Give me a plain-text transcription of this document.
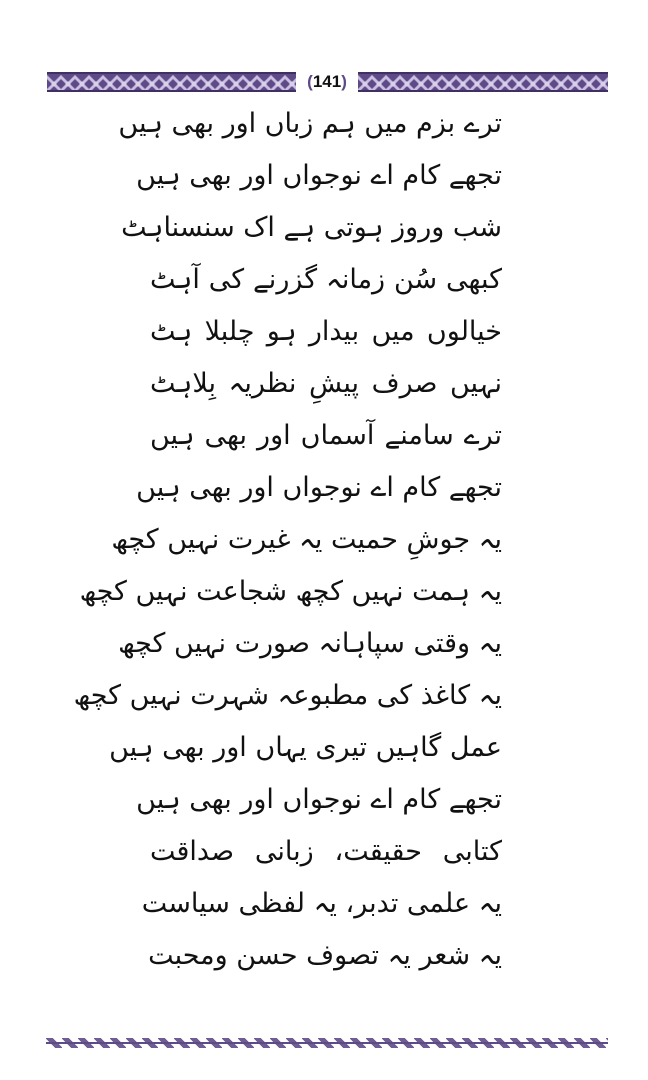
(141)
ترے بزم میں ہم زباں اور بھی ہیں
تجھے کام اے نوجواں اور بھی ہیں
شب وروز ہوتی ہے اک سنسناہٹ
کبھی سُن زمانہ گزرنے کی آہٹ
خیالوں میں بیدار ہو چلبلا ہٹ
نہیں صرف پیشِ نظریہ بِلاہٹ
ترے سامنے آسماں اور بھی ہیں
تجھے کام اے نوجواں اور بھی ہیں
یہ جوشِ حمیت یہ غیرت نہیں کچھ
یہ ہمت نہیں کچھ شجاعت نہیں کچھ
یہ وقتی سپاہانہ صورت نہیں کچھ
یہ کاغذ کی مطبوعہ شہرت نہیں کچھ
عمل گاہیں تیری یہاں اور بھی ہیں
تجھے کام اے نوجواں اور بھی ہیں
کتابی حقیقت، زبانی صداقت
یہ علمی تدبر، یہ لفظی سیاست
یہ شعر یہ تصوف حسن ومحبت
